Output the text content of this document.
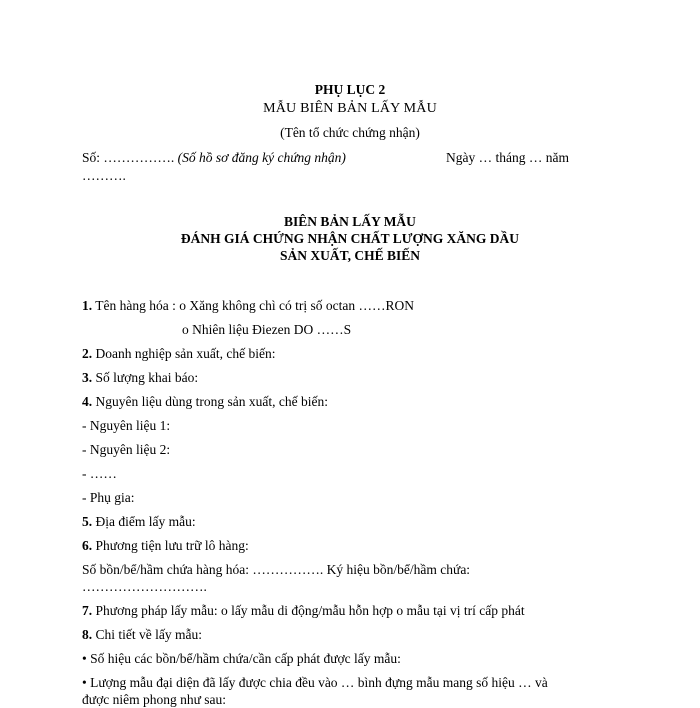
PHỤ LỤC 2
MẪU BIÊN BẢN LẤY MẪU
(Tên tổ chức chứng nhận)
Số: ……………. (Số hồ sơ đăng ký chứng nhận)	Ngày … tháng … năm
……….
BIÊN BẢN LẤY MẪU
ĐÁNH GIÁ CHỨNG NHẬN CHẤT LƯỢNG XĂNG DẦU
SẢN XUẤT, CHẾ BIẾN
1. Tên hàng hóa : o Xăng không chì có trị số octan ……RON
o Nhiên liệu Điezen DO ……S
2. Doanh nghiệp sản xuất, chế biến:
3. Số lượng khai báo:
4. Nguyên liệu dùng trong sản xuất, chế biến:
- Nguyên liệu 1:
- Nguyên liệu 2:
- ……
- Phụ gia:
5. Địa điểm lấy mẫu:
6. Phương tiện lưu trữ lô hàng:
Số bồn/bể/hầm chứa hàng hóa: ……………. Ký hiệu bồn/bể/hầm chứa:
……………………….
7. Phương pháp lấy mẫu: o lấy mẫu di động/mẫu hỗn hợp o mẫu tại vị trí cấp phát
8. Chi tiết về lấy mẫu:
• Số hiệu các bồn/bể/hầm chứa/cần cấp phát được lấy mẫu:
• Lượng mẫu đại diện đã lấy được chia đều vào … bình đựng mẫu mang số hiệu … và
được niêm phong như sau:
